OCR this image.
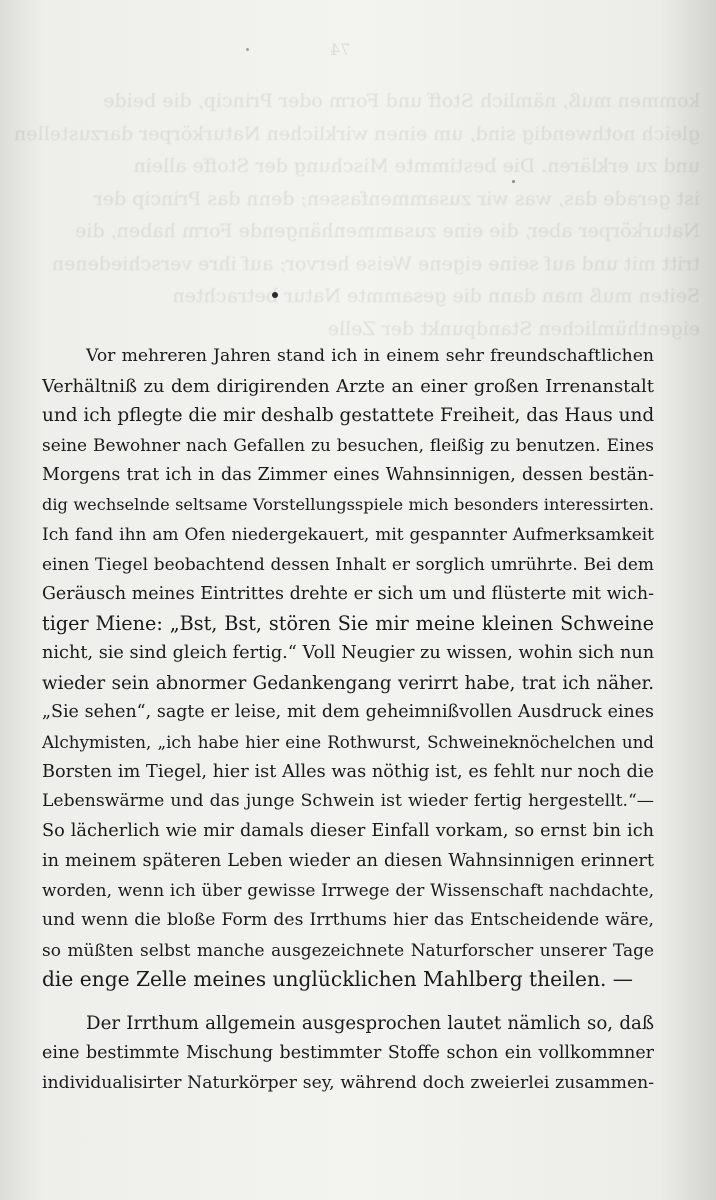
74
kommen muß, nämlich Stoff und Form oder Princip, die beide
gleich nothwendig sind, um einen wirklichen Naturkörper darzustellen
und zu erklären. Die bestimmte Mischung der Stoffe allein
ist gerade das, was wir zusammenfassen; denn das Princip der
Naturkörper aber, die eine zusammenhängende Form haben, die
tritt mit und auf seine eigene Weise hervor; auf ihre verschiedenen
Seiten muß man dann die gesammte Natur betrachten
eigenthümlichen Standpunkt der Zelle
Vor mehreren Jahren stand ich in einem sehr freundschaftlichen
Verhältniß zu dem dirigirenden Arzte an einer großen Irrenanstalt
und ich pflegte die mir deshalb gestattete Freiheit, das Haus und
seine Bewohner nach Gefallen zu besuchen, fleißig zu benutzen. Eines
Morgens trat ich in das Zimmer eines Wahnsinnigen, dessen bestän-
dig wechselnde seltsame Vorstellungsspiele mich besonders interessirten.
Ich fand ihn am Ofen niedergekauert, mit gespannter Aufmerksamkeit
einen Tiegel beobachtend dessen Inhalt er sorglich umrührte. Bei dem
Geräusch meines Eintrittes drehte er sich um und flüsterte mit wich-
tiger Miene: „Bst, Bst, stören Sie mir meine kleinen Schweine
nicht, sie sind gleich fertig.“ Voll Neugier zu wissen, wohin sich nun
wieder sein abnormer Gedankengang verirrt habe, trat ich näher.
„Sie sehen“, sagte er leise, mit dem geheimnißvollen Ausdruck eines
Alchymisten, „ich habe hier eine Rothwurst, Schweineknöchelchen und
Borsten im Tiegel, hier ist Alles was nöthig ist, es fehlt nur noch die
Lebenswärme und das junge Schwein ist wieder fertig hergestellt.“—
So lächerlich wie mir damals dieser Einfall vorkam, so ernst bin ich
in meinem späteren Leben wieder an diesen Wahnsinnigen erinnert
worden, wenn ich über gewisse Irrwege der Wissenschaft nachdachte,
und wenn die bloße Form des Irrthums hier das Entscheidende wäre,
so müßten selbst manche ausgezeichnete Naturforscher unserer Tage
die enge Zelle meines unglücklichen Mahlberg theilen. —
Der Irrthum allgemein ausgesprochen lautet nämlich so, daß
eine bestimmte Mischung bestimmter Stoffe schon ein vollkommner
individualisirter Naturkörper sey, während doch zweierlei zusammen-
